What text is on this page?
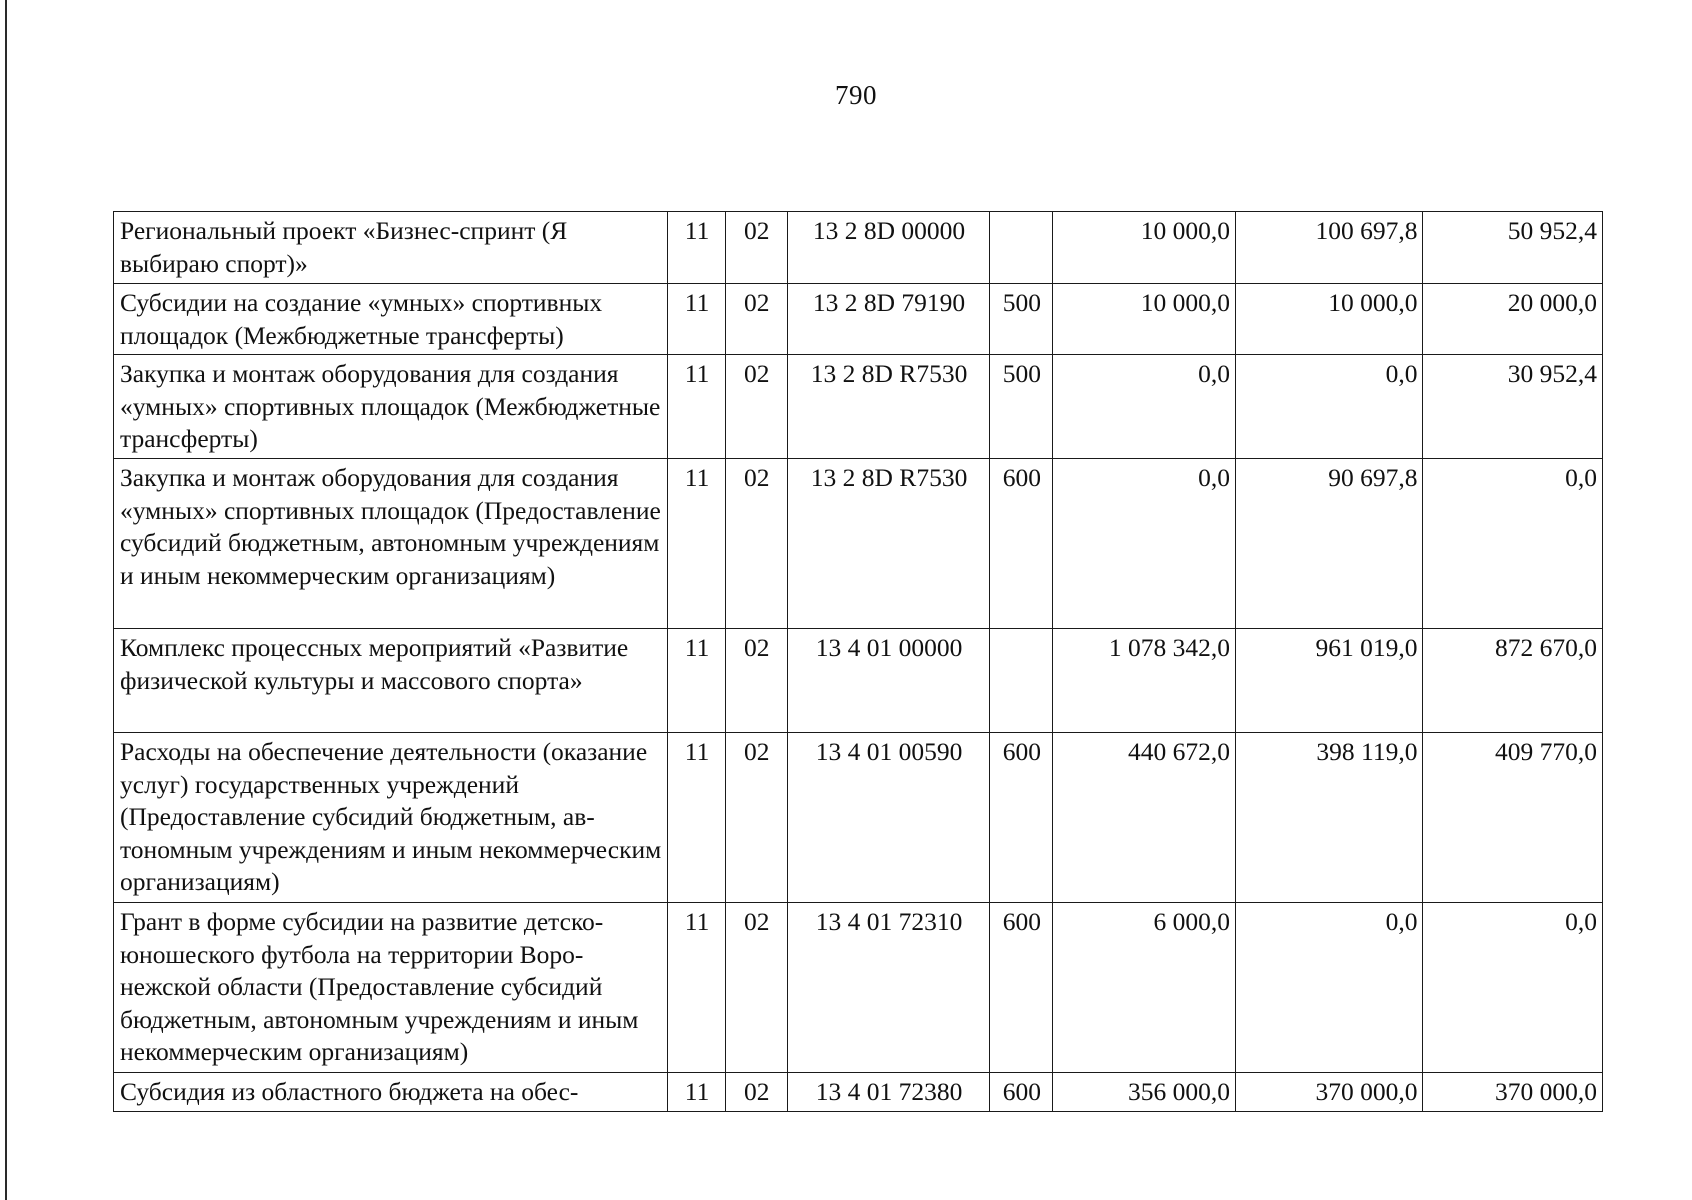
790
Региональный проект «Бизнес-спринт (Я выбираю спорт)»	11	02	13 2 8D 00000		10 000,0	100 697,8	50 952,4
Субсидии на создание «умных» спортивных площадок (Межбюджетные трансферты)	11	02	13 2 8D 79190	500	10 000,0	10 000,0	20 000,0
Закупка и монтаж оборудования для создания «умных» спортивных площадок (Межбюджетные трансферты)	11	02	13 2 8D R7530	500	0,0	0,0	30 952,4
Закупка и монтаж оборудования для создания «умных» спортивных площадок (Предоставление субсидий бюджетным, автономным учреждениям и иным некоммерческим организациям)	11	02	13 2 8D R7530	600	0,0	90 697,8	0,0
Комплекс процессных мероприятий «Развитие физической культуры и массового спорта»	11	02	13 4 01 00000		1 078 342,0	961 019,0	872 670,0
Расходы на обеспечение деятельности (оказание услуг) государственных учреждений (Предоставление субсидий бюджетным, автономным учреждениям и иным некоммерческим организациям)	11	02	13 4 01 00590	600	440 672,0	398 119,0	409 770,0
Грант в форме субсидии на развитие детско-юношеского футбола на территории Воронежской области (Предоставление субсидий бюджетным, автономным учреждениям и иным некоммерческим организациям)	11	02	13 4 01 72310	600	6 000,0	0,0	0,0
Субсидия из областного бюджета на обес-	11	02	13 4 01 72380	600	356 000,0	370 000,0	370 000,0
